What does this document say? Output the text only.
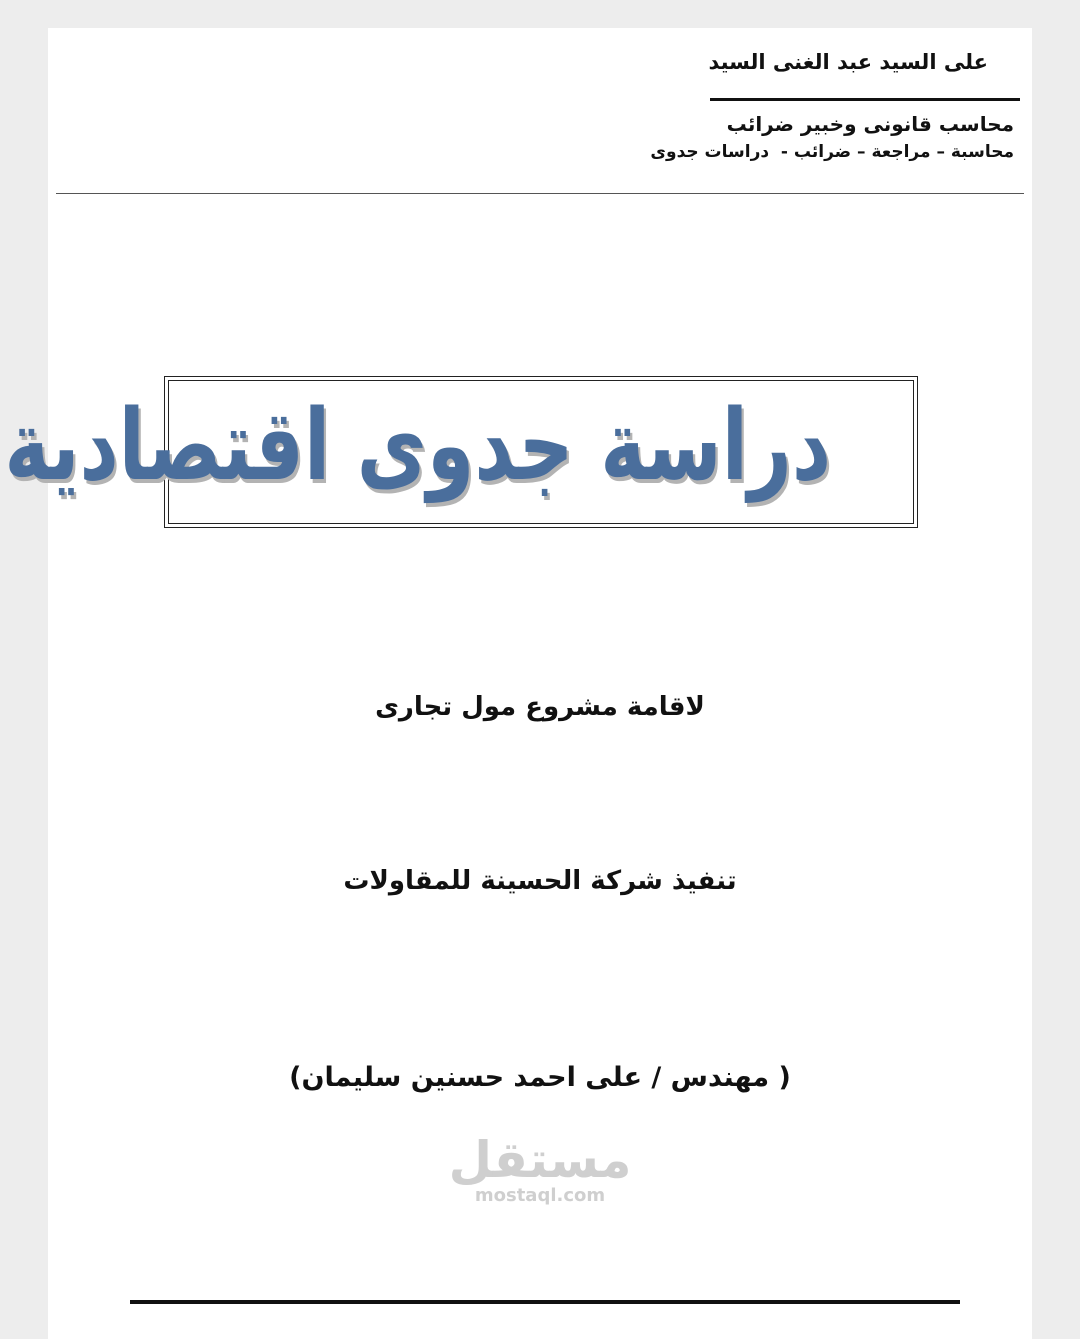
على السيد عبد الغنى السيد
محاسب قانونى وخبير ضرائب
محاسبة – مراجعة – ضرائب -  دراسات جدوى
دراسة جدوى اقتصادية
لاقامة مشروع مول تجارى
تنفيذ شركة الحسينة للمقاولات
( مهندس / على احمد حسنين سليمان)
مستقل
mostaql.com
